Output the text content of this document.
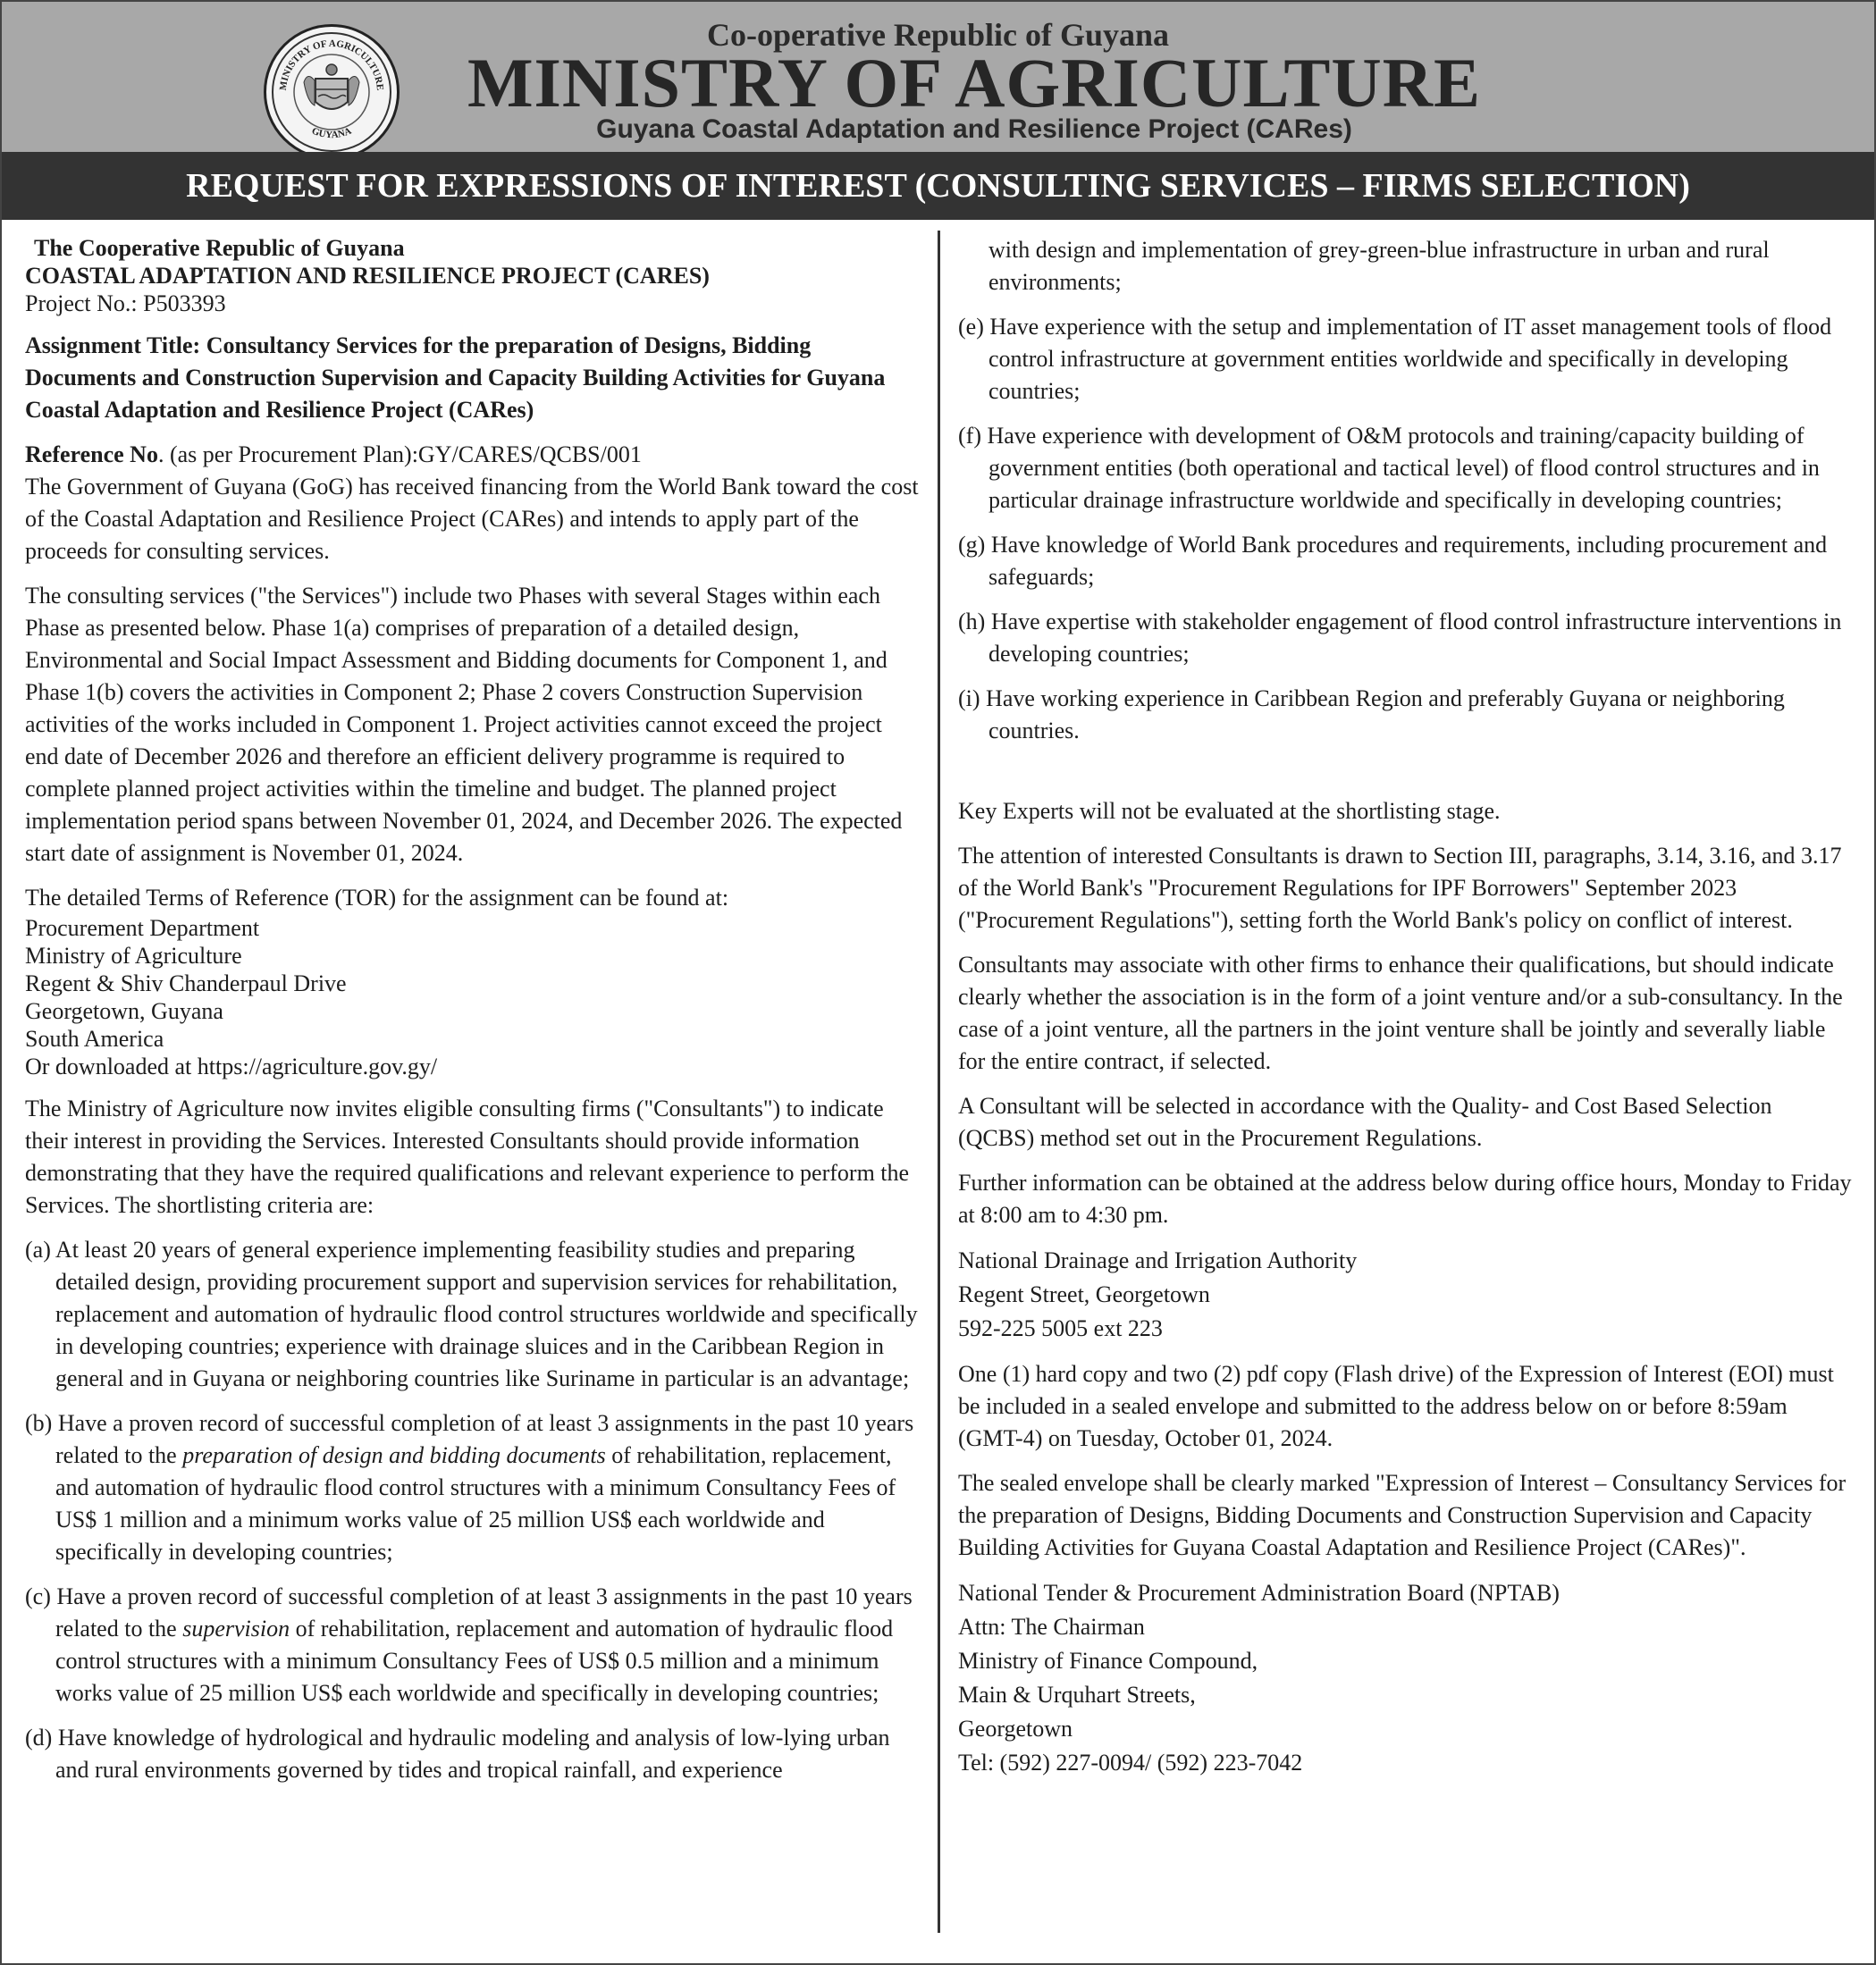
MINISTRY OF AGRICULTURE
GUYANA
Co-operative Republic of Guyana
MINISTRY OF AGRICULTURE
Guyana Coastal Adaptation and Resilience Project (CARes)
REQUEST FOR EXPRESSIONS OF INTEREST (CONSULTING SERVICES – FIRMS SELECTION)

The Cooperative Republic of Guyana

COASTAL ADAPTATION AND RESILIENCE PROJECT (CARES)

Project No.: P503393

Assignment Title: Consultancy Services for the preparation of Designs, Bidding Documents and Construction Supervision and Capacity Building Activities for Guyana Coastal Adaptation and Resilience Project (CARes)

Reference No. (as per Procurement Plan):GY/CARES/QCBS/001

The Government of Guyana (GoG) has received financing from the World Bank toward the cost of the Coastal Adaptation and Resilience Project (CARes) and intends to apply part of the proceeds for consulting services.

The consulting services ("the Services") include two Phases with several Stages within each Phase as presented below. Phase 1(a) comprises of preparation of a detailed design, Environmental and Social Impact Assessment and Bidding documents for Component 1, and Phase 1(b) covers the activities in Component 2; Phase 2 covers Construction Supervision activities of the works included in Component 1. Project activities cannot exceed the project end date of December 2026 and therefore an efficient delivery programme is required to complete planned project activities within the timeline and budget. The planned project implementation period spans between November 01, 2024, and December 2026. The expected start date of assignment is November 01, 2024.

The detailed Terms of Reference (TOR) for the assignment can be found at:

Procurement Department

Ministry of Agriculture

Regent & Shiv Chanderpaul Drive

Georgetown, Guyana

South America

Or downloaded at https://agriculture.gov.gy/

The Ministry of Agriculture now invites eligible consulting firms ("Consultants") to indicate their interest in providing the Services. Interested Consultants should provide information demonstrating that they have the required qualifications and relevant experience to perform the Services. The shortlisting criteria are:

(a) At least 20 years of general experience implementing feasibility studies and preparing detailed design, providing procurement support and supervision services for rehabilitation, replacement and automation of hydraulic flood control structures worldwide and specifically in developing countries; experience with drainage sluices and in the Caribbean Region in general and in Guyana or neighboring countries like Suriname in particular is an advantage;

(b) Have a proven record of successful completion of at least 3 assignments in the past 10 years related to the preparation of design and bidding documents of rehabilitation, replacement, and automation of hydraulic flood control structures with a minimum Consultancy Fees of US$ 1 million and a minimum works value of 25 million US$ each worldwide and specifically in developing countries;

(c) Have a proven record of successful completion of at least 3 assignments in the past 10 years related to the supervision of rehabilitation, replacement and automation of hydraulic flood control structures with a minimum Consultancy Fees of US$ 0.5 million and a minimum works value of 25 million US$ each worldwide and specifically in developing countries;

(d) Have knowledge of hydrological and hydraulic modeling and analysis of low-lying urban and rural environments governed by tides and tropical rainfall, and experience

with design and implementation of grey-green-blue infrastructure in urban and rural environments;

(e) Have experience with the setup and implementation of IT asset management tools of flood control infrastructure at government entities worldwide and specifically in developing countries;

(f) Have experience with development of O&M protocols and training/capacity building of government entities (both operational and tactical level) of flood control structures and in particular drainage infrastructure worldwide and specifically in developing countries;

(g) Have knowledge of World Bank procedures and requirements, including procurement and safeguards;

(h) Have expertise with stakeholder engagement of flood control infrastructure interventions in developing countries;

(i) Have working experience in Caribbean Region and preferably Guyana or neighboring countries.

Key Experts will not be evaluated at the shortlisting stage.

The attention of interested Consultants is drawn to Section III, paragraphs, 3.14, 3.16, and 3.17 of the World Bank's "Procurement Regulations for IPF Borrowers" September 2023 ("Procurement Regulations"), setting forth the World Bank's policy on conflict of interest.

Consultants may associate with other firms to enhance their qualifications, but should indicate clearly whether the association is in the form of a joint venture and/or a sub-consultancy. In the case of a joint venture, all the partners in the joint venture shall be jointly and severally liable for the entire contract, if selected.

A Consultant will be selected in accordance with the Quality- and Cost Based Selection (QCBS) method set out in the Procurement Regulations.

Further information can be obtained at the address below during office hours, Monday to Friday at 8:00 am to 4:30 pm.

National Drainage and Irrigation Authority

Regent Street, Georgetown

592-225 5005 ext 223

One (1) hard copy and two (2) pdf copy (Flash drive) of the Expression of Interest (EOI) must be included in a sealed envelope and submitted to the address below on or before 8:59am (GMT-4) on Tuesday, October 01, 2024.

The sealed envelope shall be clearly marked "Expression of Interest – Consultancy Services for the preparation of Designs, Bidding Documents and Construction Supervision and Capacity Building Activities for Guyana Coastal Adaptation and Resilience Project (CARes)".

National Tender & Procurement Administration Board (NPTAB)

Attn: The Chairman

Ministry of Finance Compound,

Main & Urquhart Streets,

Georgetown

Tel: (592) 227-0094/ (592) 223-7042
